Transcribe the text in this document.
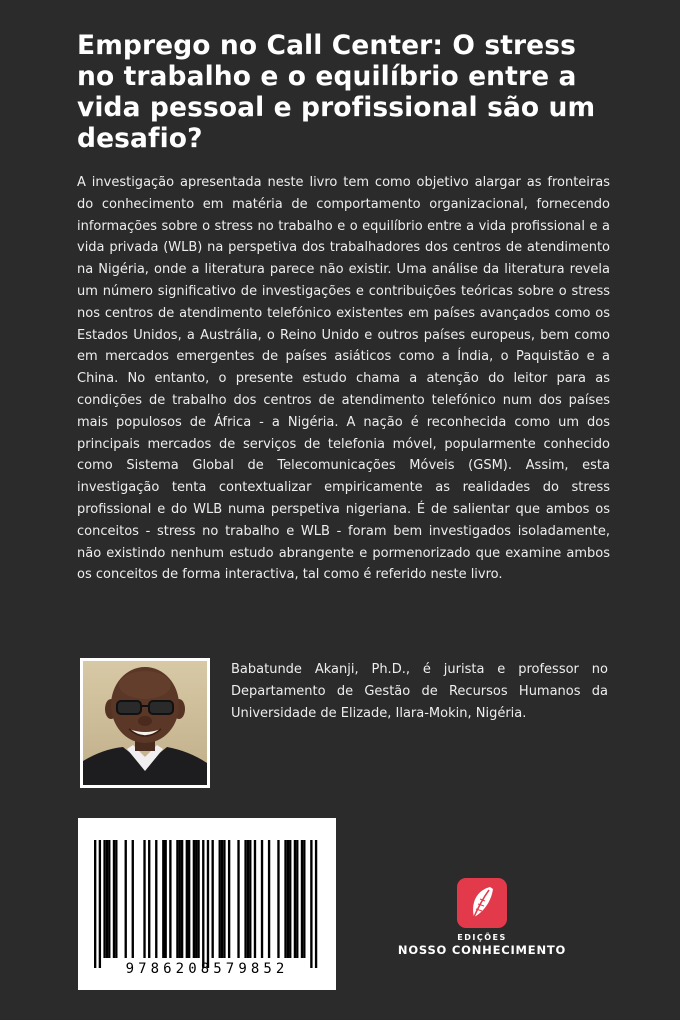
Emprego no Call Center: O stress no trabalho e o equilíbrio entre a vida pessoal e profissional são um desafio?

A investigação apresentada neste livro tem como objetivo alargar as fronteiras do conhecimento em matéria de comportamento organizacional, fornecendo informações sobre o stress no trabalho e o equilíbrio entre a vida profissional e a vida privada (WLB) na perspetiva dos trabalhadores dos centros de atendimento na Nigéria, onde a literatura parece não existir. Uma análise da literatura revela um número significativo de investigações e contribuições teóricas sobre o stress nos centros de atendimento telefónico existentes em países avançados como os Estados Unidos, a Austrália, o Reino Unido e outros países europeus, bem como em mercados emergentes de países asiáticos como a Índia, o Paquistão e a China. No entanto, o presente estudo chama a atenção do leitor para as condições de trabalho dos centros de atendimento telefónico num dos países mais populosos de África - a Nigéria. A nação é reconhecida como um dos principais mercados de serviços de telefonia móvel, popularmente conhecido como Sistema Global de Telecomunicações Móveis (GSM). Assim, esta investigação tenta contextualizar empiricamente as realidades do stress profissional e do WLB numa perspetiva nigeriana. É de salientar que ambos os conceitos - stress no trabalho e WLB - foram bem investigados isoladamente, não existindo nenhum estudo abrangente e pormenorizado que examine ambos os conceitos de forma interactiva, tal como é referido neste livro.

Babatunde Akanji, Ph.D., é jurista e professor no Departamento de Gestão de Recursos Humanos da Universidade de Elizade, Ilara-Mokin, Nigéria.

9786208579852
EDIÇÕES
NOSSO CONHECIMENTO
